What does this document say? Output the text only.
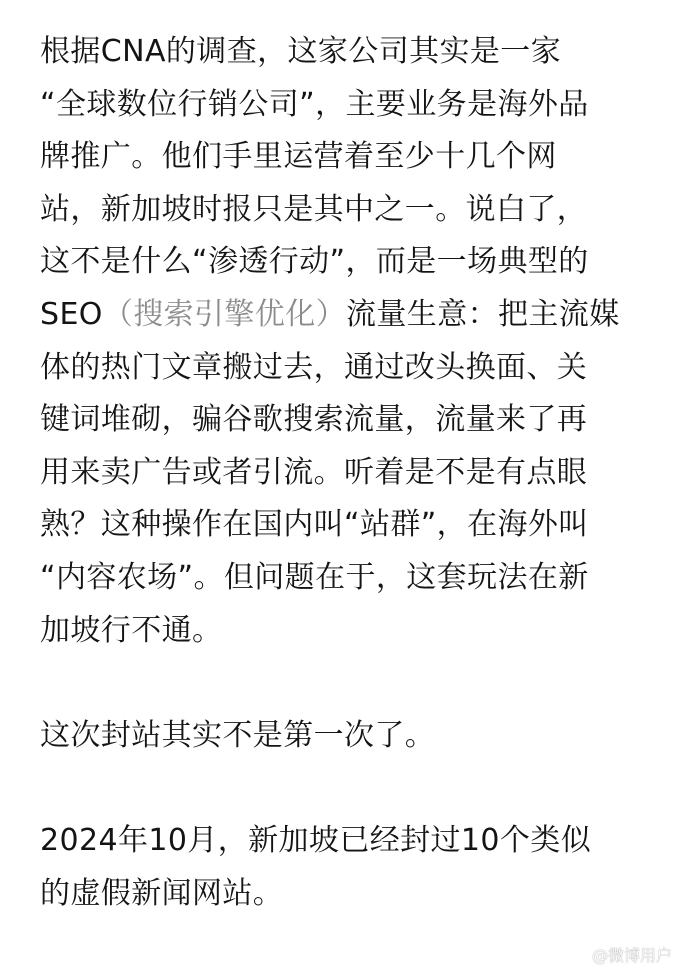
根据CNA的调查，这家公司其实是一家
“全球数位行销公司”，主要业务是海外品
牌推广。他们手里运营着至少十几个网
站，新加坡时报只是其中之一。说白了，
这不是什么“渗透行动”，而是一场典型的
SEO（搜索引擎优化）流量生意：把主流媒
体的热门文章搬过去，通过改头换面、关
键词堆砌，骗谷歌搜索流量，流量来了再
用来卖广告或者引流。听着是不是有点眼
熟？这种操作在国内叫“站群”，在海外叫
“内容农场”。但问题在于，这套玩法在新
加坡行不通。
这次封站其实不是第一次了。
2024年10月，新加坡已经封过10个类似
的虚假新闻网站。
@微博用户
